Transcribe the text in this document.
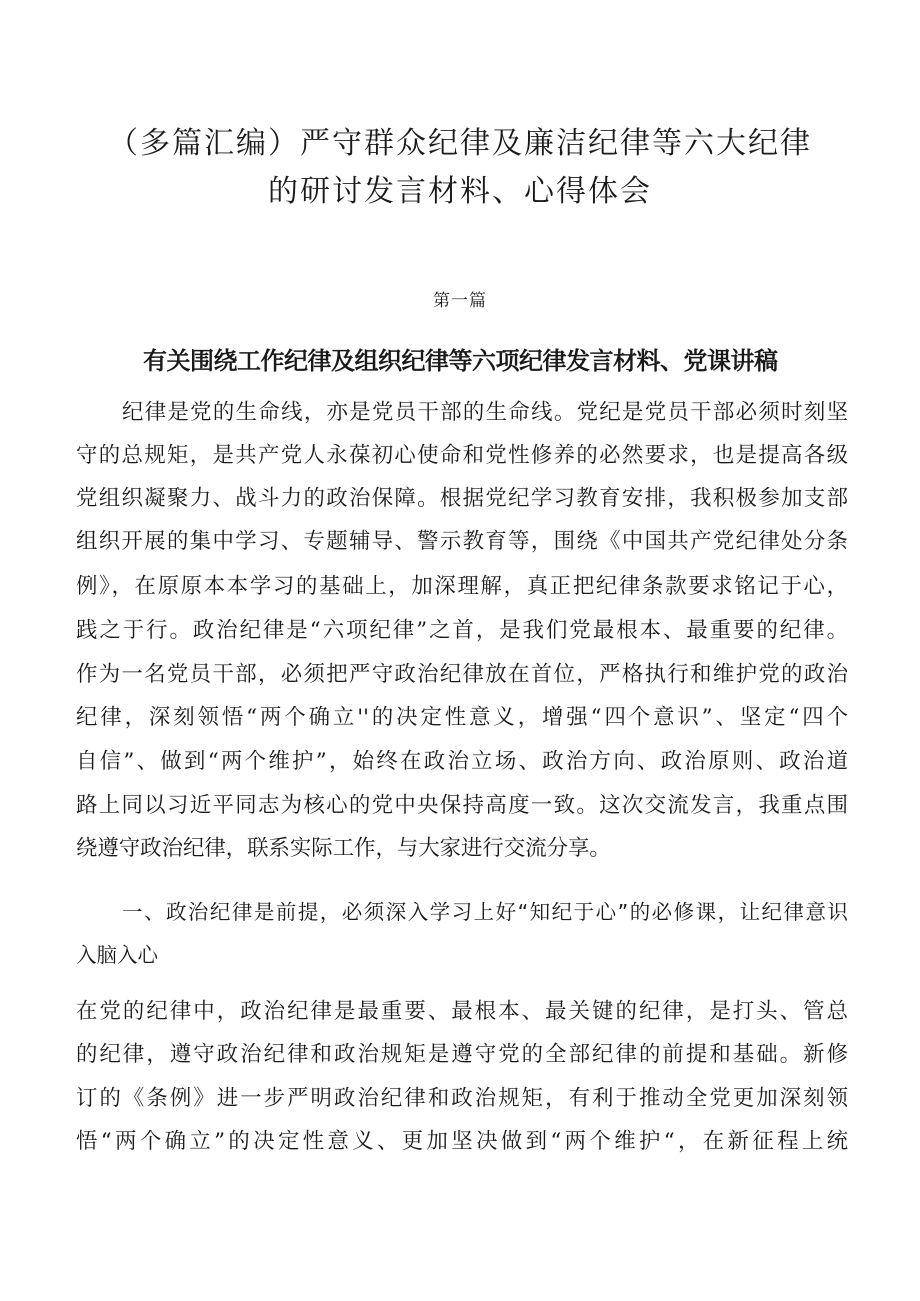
（多篇汇编）严守群众纪律及廉洁纪律等六大纪律
的研讨发言材料、心得体会

第一篇

有关围绕工作纪律及组织纪律等六项纪律发言材料、党课讲稿

纪律是党的生命线，亦是党员干部的生命线。党纪是党员干部必须时刻坚

守的总规矩，是共产党人永葆初心使命和党性修养的必然要求，也是提高各级

党组织凝聚力、战斗力的政治保障。根据党纪学习教育安排，我积极参加支部

组织开展的集中学习、专题辅导、警示教育等，围绕《中国共产党纪律处分条

例》，在原原本本学习的基础上，加深理解，真正把纪律条款要求铭记于心，

践之于行。政治纪律是“六项纪律”之首，是我们党最根本、最重要的纪律。

作为一名党员干部，必须把严守政治纪律放在首位，严格执行和维护党的政治

纪律，深刻领悟“两个确立''的决定性意义，增强“四个意识”、坚定“四个

自信”、做到“两个维护”，始终在政治立场、政治方向、政治原则、政治道

路上同以习近平同志为核心的党中央保持高度一致。这次交流发言，我重点围

绕遵守政治纪律，联系实际工作，与大家进行交流分享。

一、政治纪律是前提，必须深入学习上好“知纪于心”的必修课，让纪律意识

入脑入心

在党的纪律中，政治纪律是最重要、最根本、最关键的纪律，是打头、管总

的纪律，遵守政治纪律和政治规矩是遵守党的全部纪律的前提和基础。新修

订的《条例》进一步严明政治纪律和政治规矩，有利于推动全党更加深刻领

悟“两个确立”的决定性意义、更加坚决做到“两个维护“，在新征程上统
